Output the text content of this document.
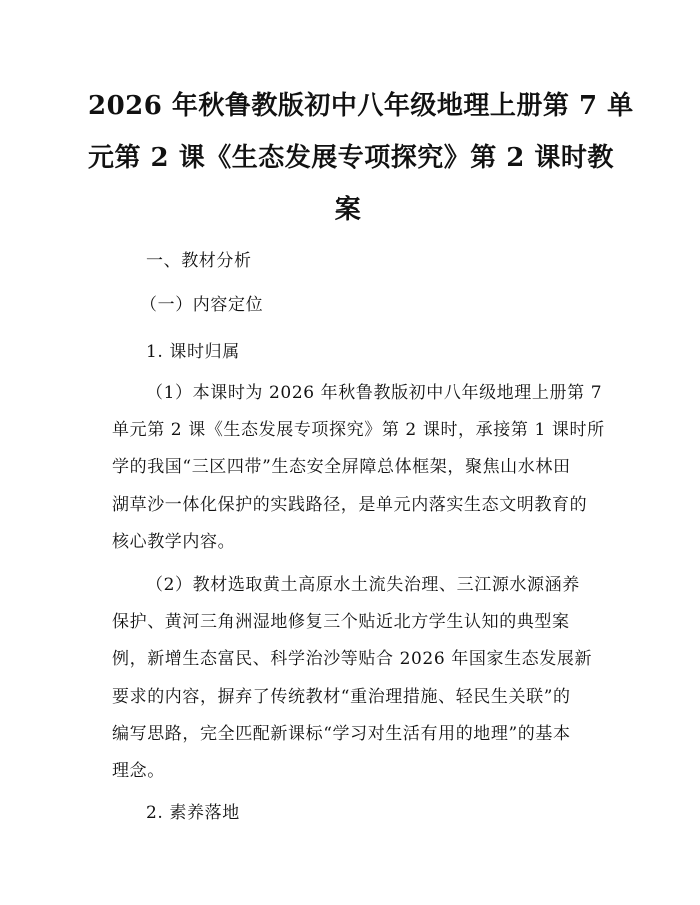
2026 年秋鲁教版初中八年级地理上册第 7 单
元第 2 课《生态发展专项探究》第 2 课时教
案
一、教材分析
（一）内容定位
1. 课时归属
（1）本课时为 2026 年秋鲁教版初中八年级地理上册第 7
单元第 2 课《生态发展专项探究》第 2 课时，承接第 1 课时所
学的我国“三区四带”生态安全屏障总体框架，聚焦山水林田
湖草沙一体化保护的实践路径，是单元内落实生态文明教育的
核心教学内容。
（2）教材选取黄土高原水土流失治理、三江源水源涵养
保护、黄河三角洲湿地修复三个贴近北方学生认知的典型案
例，新增生态富民、科学治沙等贴合 2026 年国家生态发展新
要求的内容，摒弃了传统教材“重治理措施、轻民生关联”的
编写思路，完全匹配新课标“学习对生活有用的地理”的基本
理念。
2. 素养落地
